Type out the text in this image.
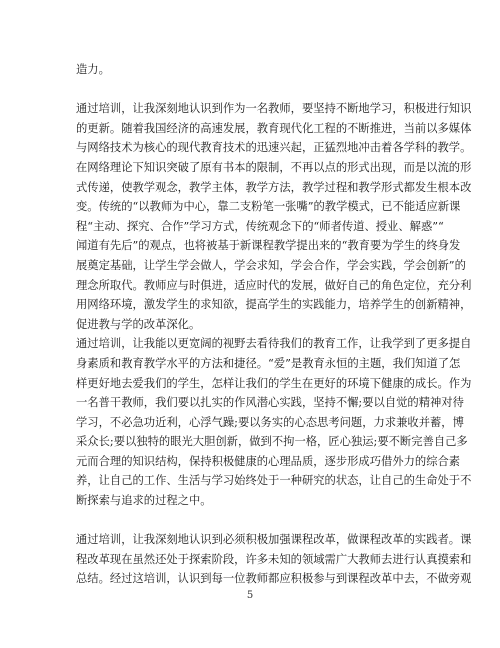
造力。

通过培训，让我深刻地认识到作为一名教师，要坚持不断地学习，积极进行知识
的更新。随着我国经济的高速发展，教育现代化工程的不断推进，当前以多媒体
与网络技术为核心的现代教育技术的迅速兴起，正猛烈地冲击着各学科的教学。
在网络理论下知识突破了原有书本的限制，不再以点的形式出现，而是以流的形
式传递，使教学观念，教学主体，教学方法，教学过程和教学形式都发生根本改
变。传统的“以教师为中心，靠二支粉笔一张嘴”的教学模式，已不能适应新课
程“主动、探究、合作”学习方式，传统观念下的“师者传道、授业、解惑”“
闻道有先后”的观点，也将被基于新课程教学提出来的“教育要为学生的终身发
展奠定基础，让学生学会做人，学会求知，学会合作，学会实践，学会创新”的
理念所取代。教师应与时俱进，适应时代的发展，做好自己的角色定位，充分利
用网络环境，激发学生的求知欲，提高学生的实践能力，培养学生的创新精神，
促进教与学的改革深化。

通过培训，让我能以更宽阔的视野去看待我们的教育工作，让我学到了更多提自
身素质和教育教学水平的方法和捷径。“爱”是教育永恒的主题，我们知道了怎
样更好地去爱我们的学生，怎样让我们的学生在更好的环境下健康的成长。作为
一名普干教师，我们要以扎实的作风潜心实践，坚持不懈;要以自觉的精神对待
学习，不必急功近利，心浮气躁;要以务实的心态思考问题，力求兼收并蓄，博
采众长;要以独特的眼光大胆创新，做到不拘一格，匠心独运;要不断完善自己多
元而合理的知识结构，保持积极健康的心理品质，逐步形成巧借外力的综合素
养，让自己的工作、生活与学习始终处于一种研究的状态，让自己的生命处于不
断探索与追求的过程之中。

通过培训，让我深刻地认识到必须积极加强课程改革，做课程改革的实践者。课
程改革现在虽然还处于探索阶段，许多未知的领域需广大教师去进行认真摸索和
总结。经过这培训，认识到每一位教师都应积极参与到课程改革中去，不做旁观

5
